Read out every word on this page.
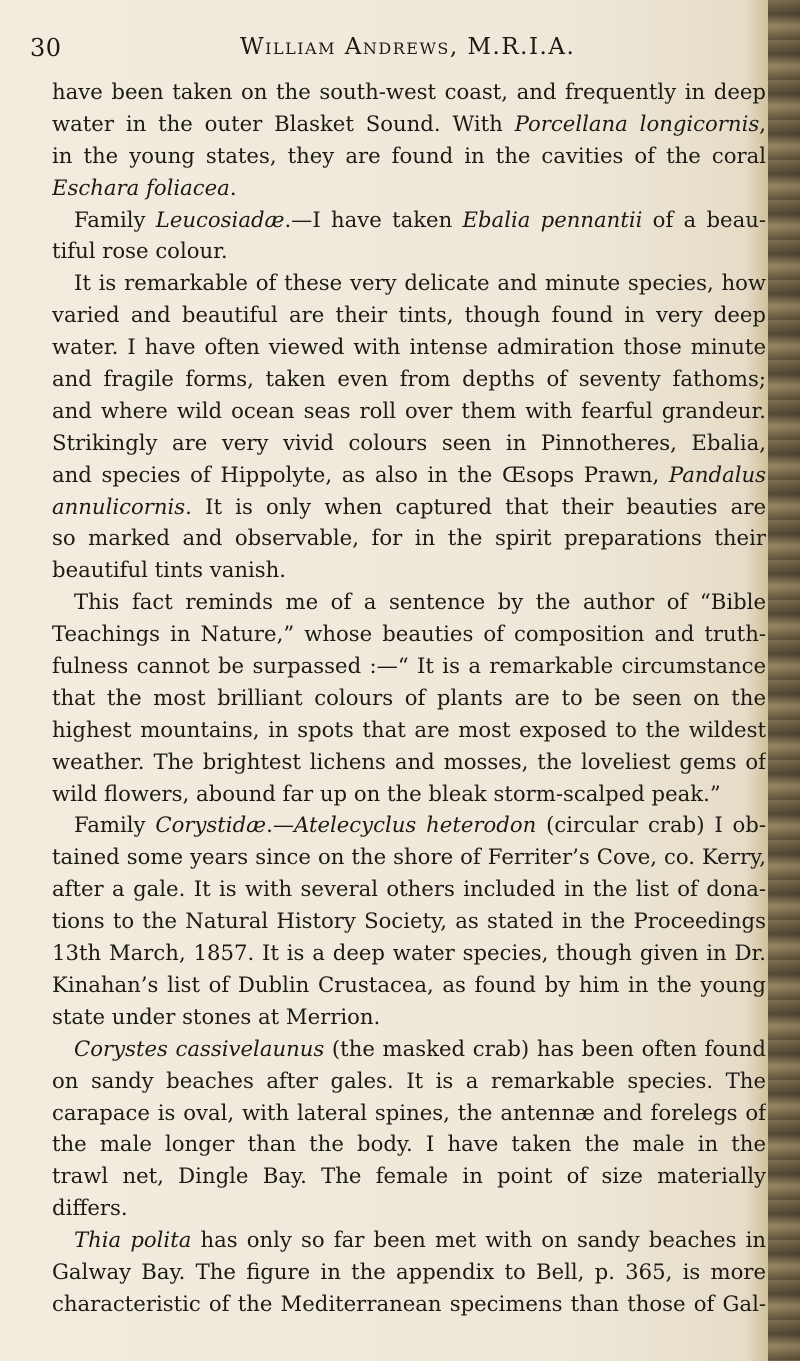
30	William Andrews, M.R.I.A.
have been taken on the south-west coast, and frequently in deep
water in the outer Blasket Sound. With Porcellana longicornis,
in the young states, they are found in the cavities of the coral
Eschara foliacea.
Family Leucosiadæ.—I have taken Ebalia pennantii of a beau-
tiful rose colour.
It is remarkable of these very delicate and minute species, how
varied and beautiful are their tints, though found in very deep
water. I have often viewed with intense admiration those minute
and fragile forms, taken even from depths of seventy fathoms;
and where wild ocean seas roll over them with fearful grandeur.
Strikingly are very vivid colours seen in Pinnotheres, Ebalia,
and species of Hippolyte, as also in the Œsops Prawn, Pandalus
annulicornis. It is only when captured that their beauties are
so marked and observable, for in the spirit preparations their
beautiful tints vanish.
This fact reminds me of a sentence by the author of “Bible
Teachings in Nature,” whose beauties of composition and truth-
fulness cannot be surpassed :—“ It is a remarkable circumstance
that the most brilliant colours of plants are to be seen on the
highest mountains, in spots that are most exposed to the wildest
weather. The brightest lichens and mosses, the loveliest gems of
wild flowers, abound far up on the bleak storm-scalped peak.”
Family Corystidæ.—Atelecyclus heterodon (circular crab) I ob-
tained some years since on the shore of Ferriter’s Cove, co. Kerry,
after a gale. It is with several others included in the list of dona-
tions to the Natural History Society, as stated in the Proceedings
13th March, 1857. It is a deep water species, though given in Dr.
Kinahan’s list of Dublin Crustacea, as found by him in the young
state under stones at Merrion.
Corystes cassivelaunus (the masked crab) has been often found
on sandy beaches after gales. It is a remarkable species. The
carapace is oval, with lateral spines, the antennæ and forelegs of
the male longer than the body. I have taken the male in the
trawl net, Dingle Bay. The female in point of size materially
differs.
Thia polita has only so far been met with on sandy beaches in
Galway Bay. The figure in the appendix to Bell, p. 365, is more
characteristic of the Mediterranean specimens than those of Gal-
